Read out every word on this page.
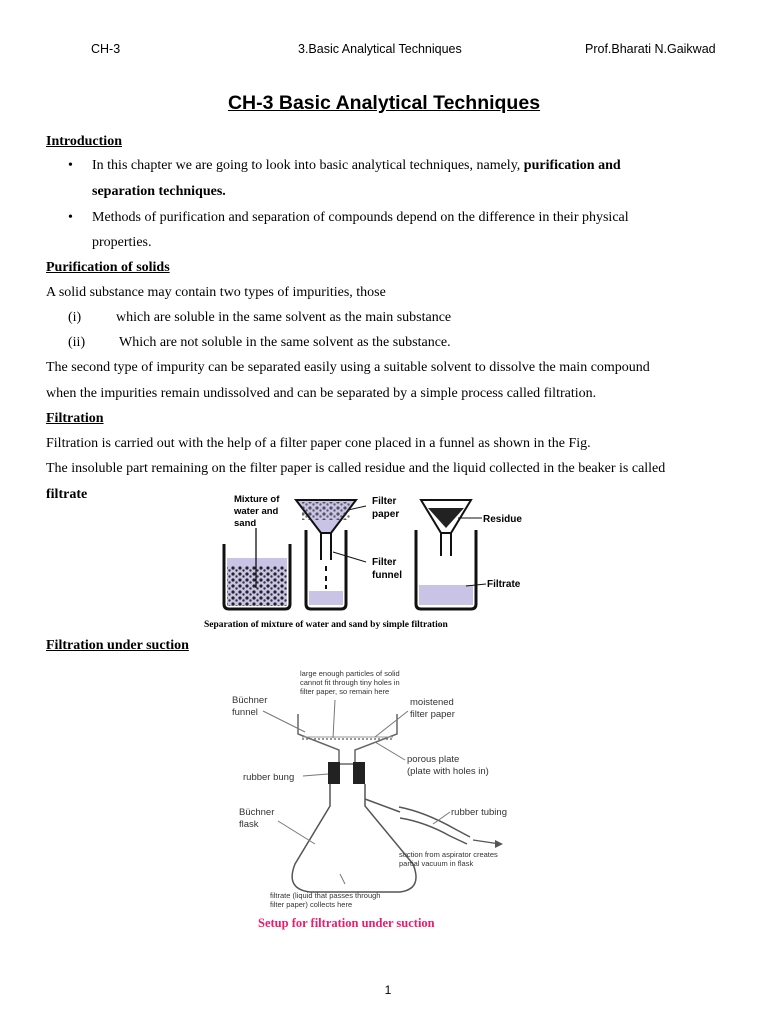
CH-3	3.Basic Analytical Techniques	Prof.Bharati N.Gaikwad
CH-3 Basic Analytical Techniques
Introduction
• In this chapter we are going to look into basic analytical techniques, namely, purification and
separation techniques.
• Methods of purification and separation of compounds depend on the difference in their physical
properties.
Purification of solids
A solid substance may contain two types of impurities, those
(i) which are soluble in the same solvent as the main substance
(ii) Which are not soluble in the same solvent as the substance.
The second type of impurity can be separated easily using a suitable solvent to dissolve the main compound
when the impurities remain undissolved and can be separated by a simple process called filtration.
Filtration
Filtration is carried out with the help of a filter paper cone placed in a funnel as shown in the Fig.
The insoluble part remaining on the filter paper is called residue and the liquid collected in the beaker is called
filtrate	Mixture of
water and
sand
Filter
paper
Filter
funnel
Residue
Filtrate
Separation of mixture of water and sand by simple filtration
Filtration under suction
large enough particles of solid
cannot fit through tiny holes in
filter paper, so remain here
Büchner
funnel
moistened
filter paper
porous plate
(plate with holes in)
rubber bung
rubber tubing
Büchner
flask
suction from aspirator creates
partial vacuum in flask
filtrate (liquid that passes through
filter paper) collects here
Setup for filtration under suction
1
